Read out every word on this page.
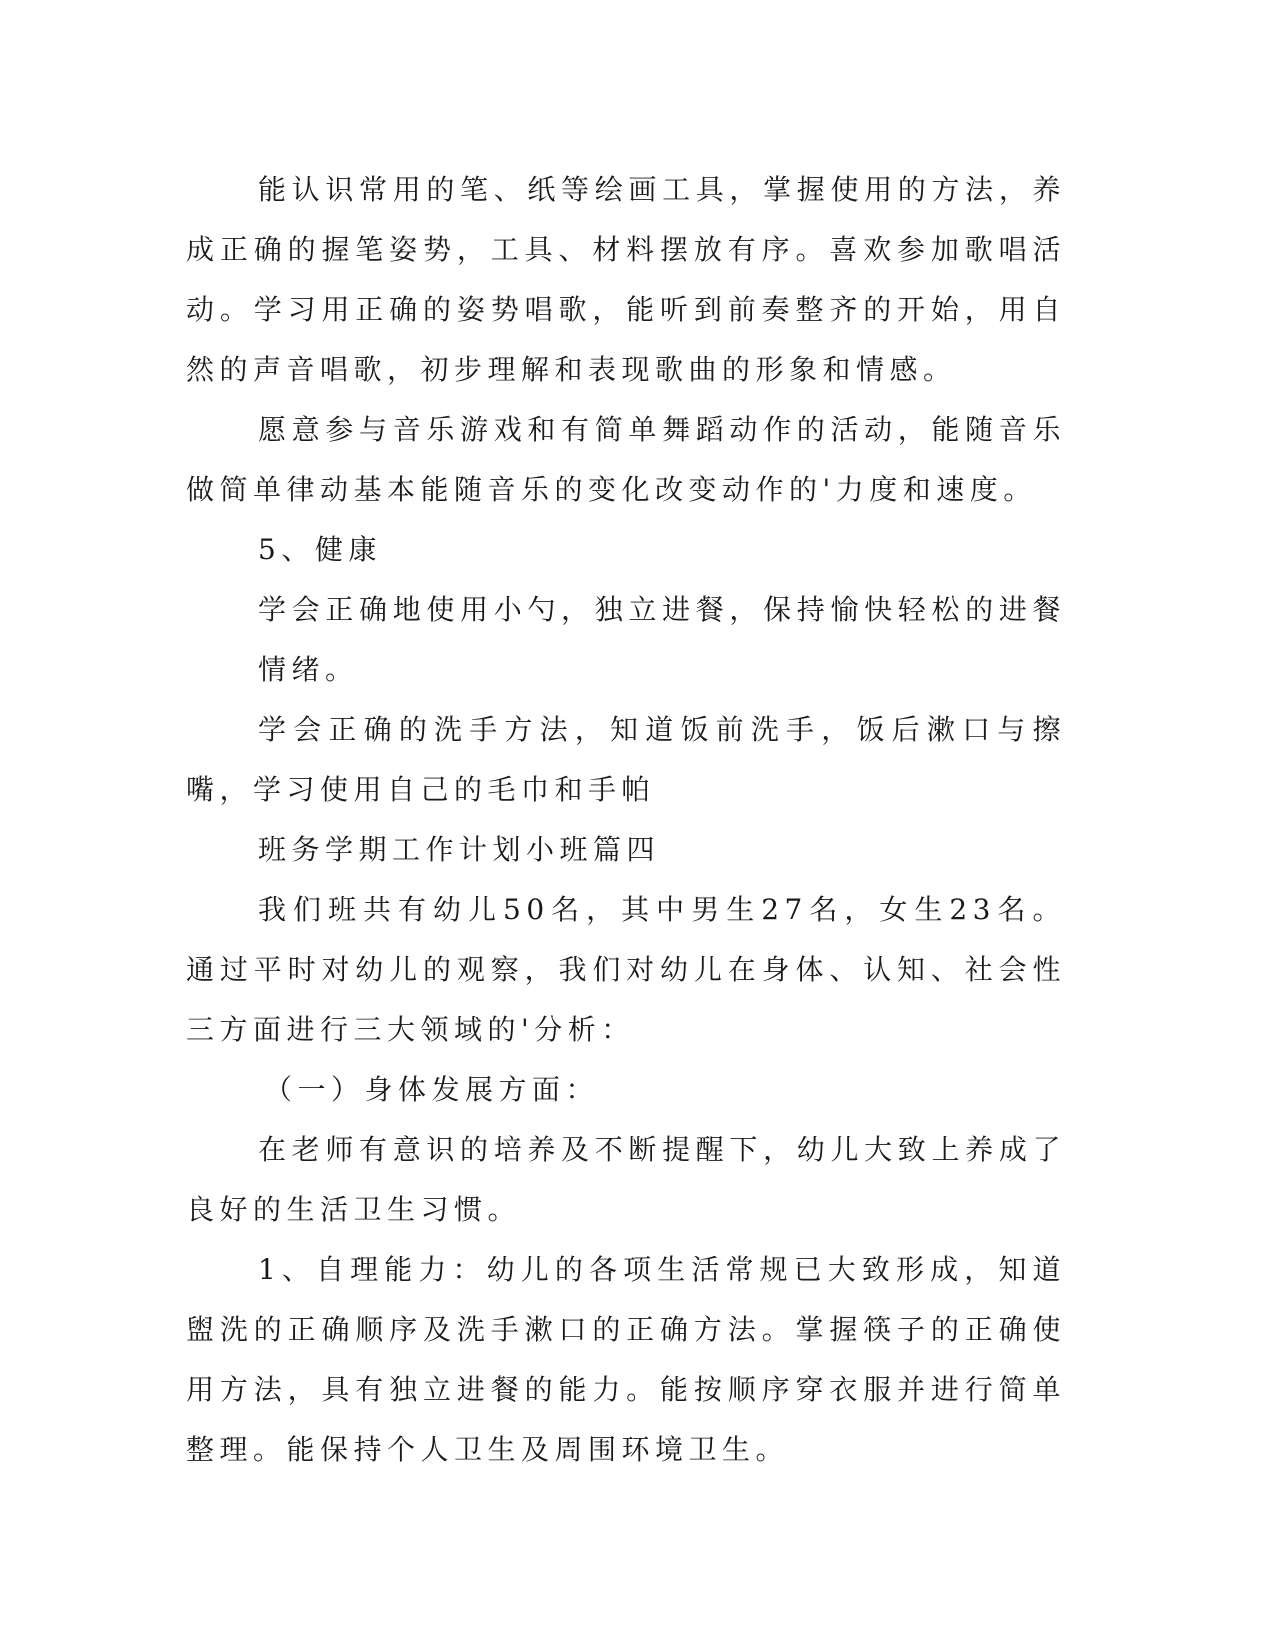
能认识常用的笔、纸等绘画工具，掌握使用的方法，养成正确的握笔姿势，工具、材料摆放有序。喜欢参加歌唱活动。学习用正确的姿势唱歌，能听到前奏整齐的开始，用自然的声音唱歌，初步理解和表现歌曲的形象和情感。

愿意参与音乐游戏和有简单舞蹈动作的活动，能随音乐做简单律动基本能随音乐的变化改变动作的'力度和速度。

5、健康

学会正确地使用小勺，独立进餐，保持愉快轻松的进餐情绪。

学会正确的洗手方法，知道饭前洗手，饭后漱口与擦嘴，学习使用自己的毛巾和手帕

班务学期工作计划小班篇四

我们班共有幼儿50名，其中男生27名，女生23名。通过平时对幼儿的观察，我们对幼儿在身体、认知、社会性三方面进行三大领域的'分析：

（一）身体发展方面：

在老师有意识的培养及不断提醒下，幼儿大致上养成了良好的生活卫生习惯。

1、自理能力：幼儿的各项生活常规已大致形成，知道盥洗的正确顺序及洗手漱口的正确方法。掌握筷子的正确使用方法，具有独立进餐的能力。能按顺序穿衣服并进行简单整理。能保持个人卫生及周围环境卫生。
